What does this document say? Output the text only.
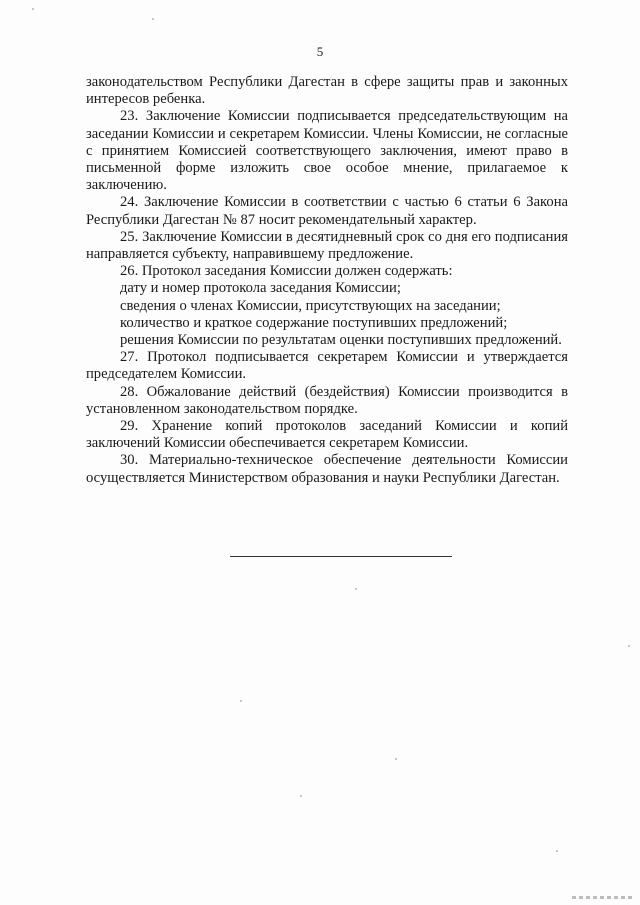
5

законодательством Республики Дагестан в сфере защиты прав и законных интересов ребенка.

23. Заключение Комиссии подписывается председательствующим на заседании Комиссии и секретарем Комиссии. Члены Комиссии, не согласные с принятием Комиссией соответствующего заключения, имеют право в письменной форме изложить свое особое мнение, прилагаемое к заключению.

24. Заключение Комиссии в соответствии с частью 6 статьи 6 Закона Республики Дагестан № 87 носит рекомендательный характер.

25. Заключение Комиссии в десятидневный срок со дня его подписания направляется субъекту, направившему предложение.

26. Протокол заседания Комиссии должен содержать:

дату и номер протокола заседания Комиссии;

сведения о членах Комиссии, присутствующих на заседании;

количество и краткое содержание поступивших предложений;

решения Комиссии по результатам оценки поступивших предложений.

27. Протокол подписывается секретарем Комиссии и утверждается председателем Комиссии.

28. Обжалование действий (бездействия) Комиссии производится в установленном законодательством порядке.

29. Хранение копий протоколов заседаний Комиссии и копий заключений Комиссии обеспечивается секретарем Комиссии.

30. Материально-техническое обеспечение деятельности Комиссии осуществляется Министерством образования и науки Республики Дагестан.
